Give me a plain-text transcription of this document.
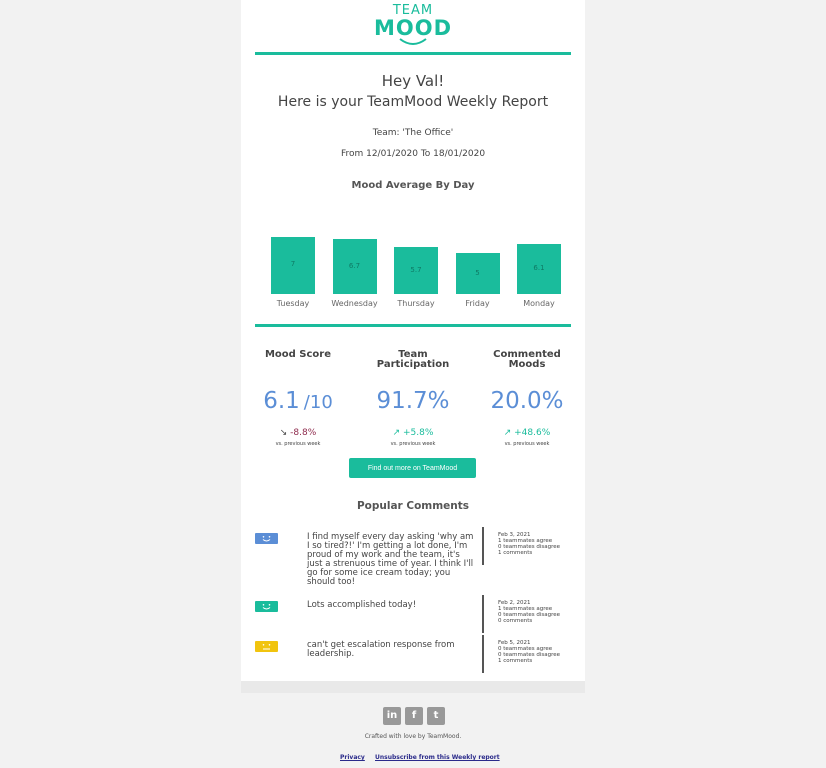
TEAM
MOOD
Hey Val!
Here is your TeamMood Weekly Report
Team: 'The Office'
From 12/01/2020 To 18/01/2020
Mood Average By Day
7
Tuesday
6.7
Wednesday
5.7
Thursday
5
Friday
6.1
Monday
Mood Score
6.1 /10
↘ -8.8%
vs. previous week
Team
Participation
91.7%
↗ +5.8%
vs. previous week
Commented
Moods
20.0%
↗ +48.6%
vs. previous week
Find out more on TeamMood
Popular Comments
I find myself every day asking 'why am
I so tired?!' I'm getting a lot done, I'm
proud of my work and the team, it's
just a strenuous time of year. I think I'll
go for some ice cream today; you
should too!
Feb 3, 2021
1 teammates agree
0 teammates disagree
1 comments
Lots accomplished today!	Feb 2, 2021
1 teammates agree
0 teammates disagree
0 comments
can't get escalation response from
leadership.
Feb 5, 2021
0 teammates agree
0 teammates disagree
1 comments
in	f	t
Crafted with love by TeamMood.
Privacy Unsubscribe from this Weekly report
